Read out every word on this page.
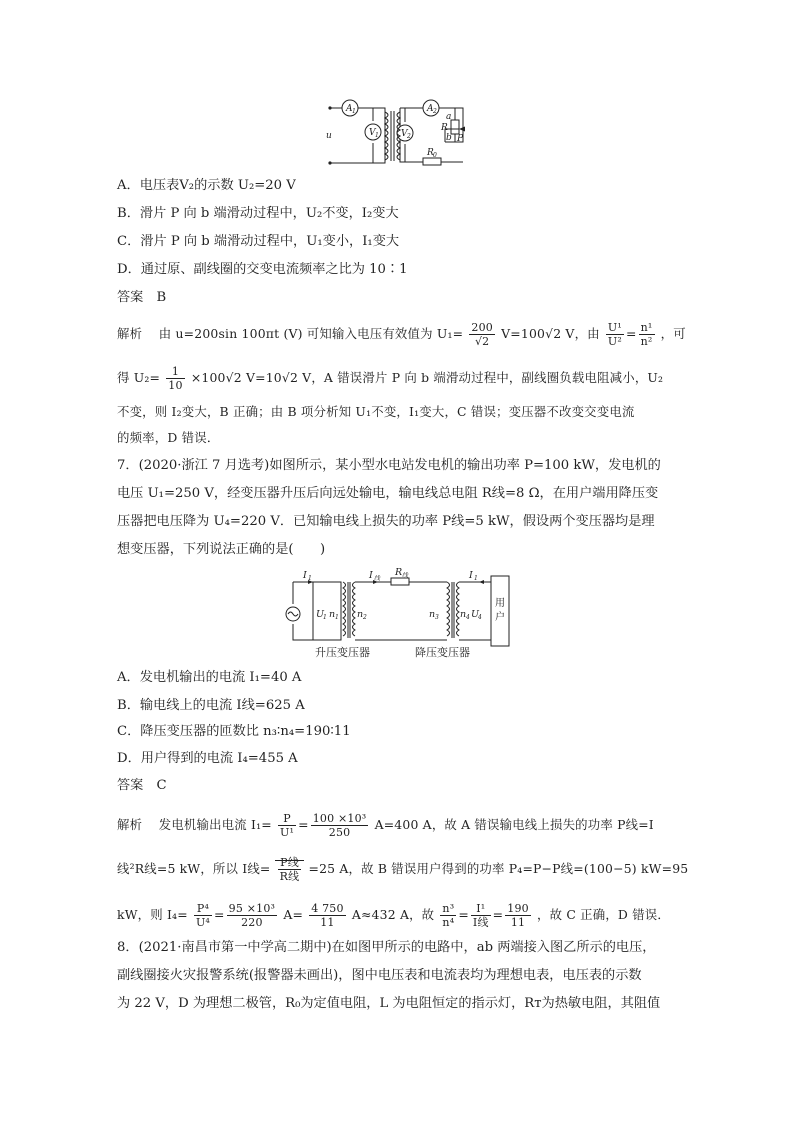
u
A 1
V 1
A 2
V 2
a
R
b P
R 0
A．电压表V₂的示数 U₂=20 V
B．滑片 P 向 b 端滑动过程中，U₂不变，I₂变大
C．滑片 P 向 b 端滑动过程中，U₁变小，I₁变大
D．通过原、副线圈的交变电流频率之比为 10∶1
答案　B
解析 由 u=200sin 100πt (V) 可知输入电压有效值为 $U_1= \frac{200}{√2} V=100√2$ V，由 $\frac{\text{U¹}}{\text{U²}} = \frac{\text{n¹}}{\text{n²}}$ ，可
得 $U_2= \frac{1}{10} \times 100√2$ V=10√2 V，A 错误滑片 P 向 b 端滑动过程中，副线圈负载电阻减小，U₂
不变，则 I₂变大，B 正确；由 B 项分析知 U₁不变，I₁变大，C 错误；变压器不改变交变电流
的频率，D 错误．
7．(2020·浙江 7 月选考)如图所示，某小型水电站发电机的输出功率 P=100 kW，发电机的
电压 U₁=250 V，经变压器升压后向远处输电，输电线总电阻 R线=8 Ω，在用户端用降压变
压器把电压降为 U₄=220 V．已知输电线上损失的功率 P线=5 kW，假设两个变压器均是理
想变压器，下列说法正确的是(　　)
I 1
U
1 n 1 n 2
I 线
R 线
n 3 n 4 U
4
I 1
用
户
升压变压器	降压变压器
A．发电机输出的电流 I₁=40 A
B．输电线上的电流 I线=625 A
C．降压变压器的匝数比 n₃∶n₄=190∶11
D．用户得到的电流 I₄=455 A
答案　C
解析 发电机输出电流 $I_1= \frac{P}{\text{U¹}} = \frac{\text{100 ×10³}}{250} A=400$ A，故 A 错误输电线上损失的功率 P线=I
线²R线=5 kW，所以 I线= $\frac{\text{P线}}{\text{R线}} =25$ A，故 B 错误用户得到的功率 P₄=P−P线=(100−5) kW=95
kW，则 $I_4= \frac{\text{P⁴}}{\text{U⁴}} = \frac{\text{95 ×10³}}{220} A= \frac{4 750}{11} A\approx 432$ A，故 $\frac{\text{n³}}{\text{n⁴}} = \frac{\text{I¹}}{\text{I线}} = \frac{190}{11}$ ，故 C 正确，D 错误．
8．(2021·南昌市第一中学高二期中)在如图甲所示的电路中，ab 两端接入图乙所示的电压，
副线圈接火灾报警系统(报警器未画出)，图中电压表和电流表均为理想电表，电压表的示数
为 22 V，D 为理想二极管，R₀为定值电阻，L 为电阻恒定的指示灯，Rт为热敏电阻，其阻值
